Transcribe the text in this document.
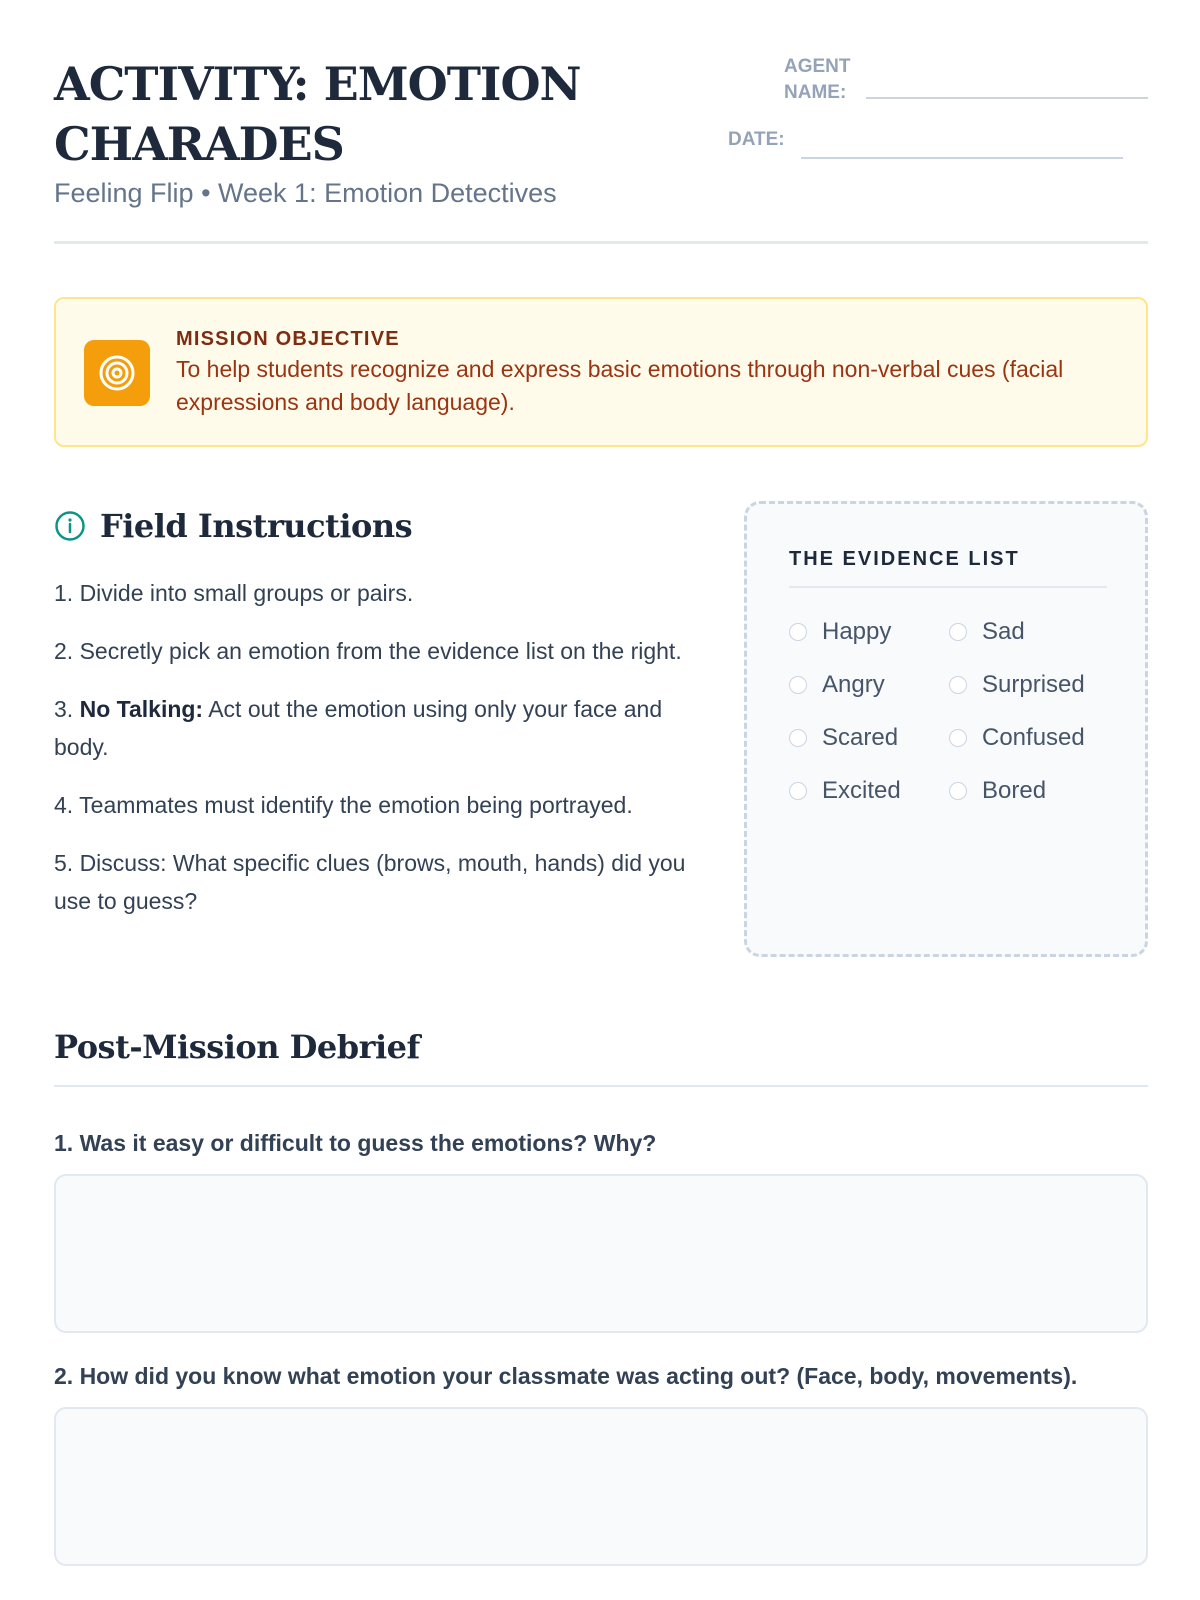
ACTIVITY: EMOTION
CHARADES
Feeling Flip • Week 1: Emotion Detectives
AGENT
NAME:
DATE:
MISSION OBJECTIVE
To help students recognize and express basic emotions through non-verbal cues (facial expressions and body language).
Field Instructions
1. Divide into small groups or pairs.
2. Secretly pick an emotion from the evidence list on the right.
3. No Talking: Act out the emotion using only your face and body.
4. Teammates must identify the emotion being portrayed.
5. Discuss: What specific clues (brows, mouth, hands) did you use to guess?
THE EVIDENCE LIST
Happy	Sad
Angry	Surprised
Scared	Confused
Excited	Bored
Post-Mission Debrief
1. Was it easy or difficult to guess the emotions? Why?
2. How did you know what emotion your classmate was acting out? (Face, body, movements).
